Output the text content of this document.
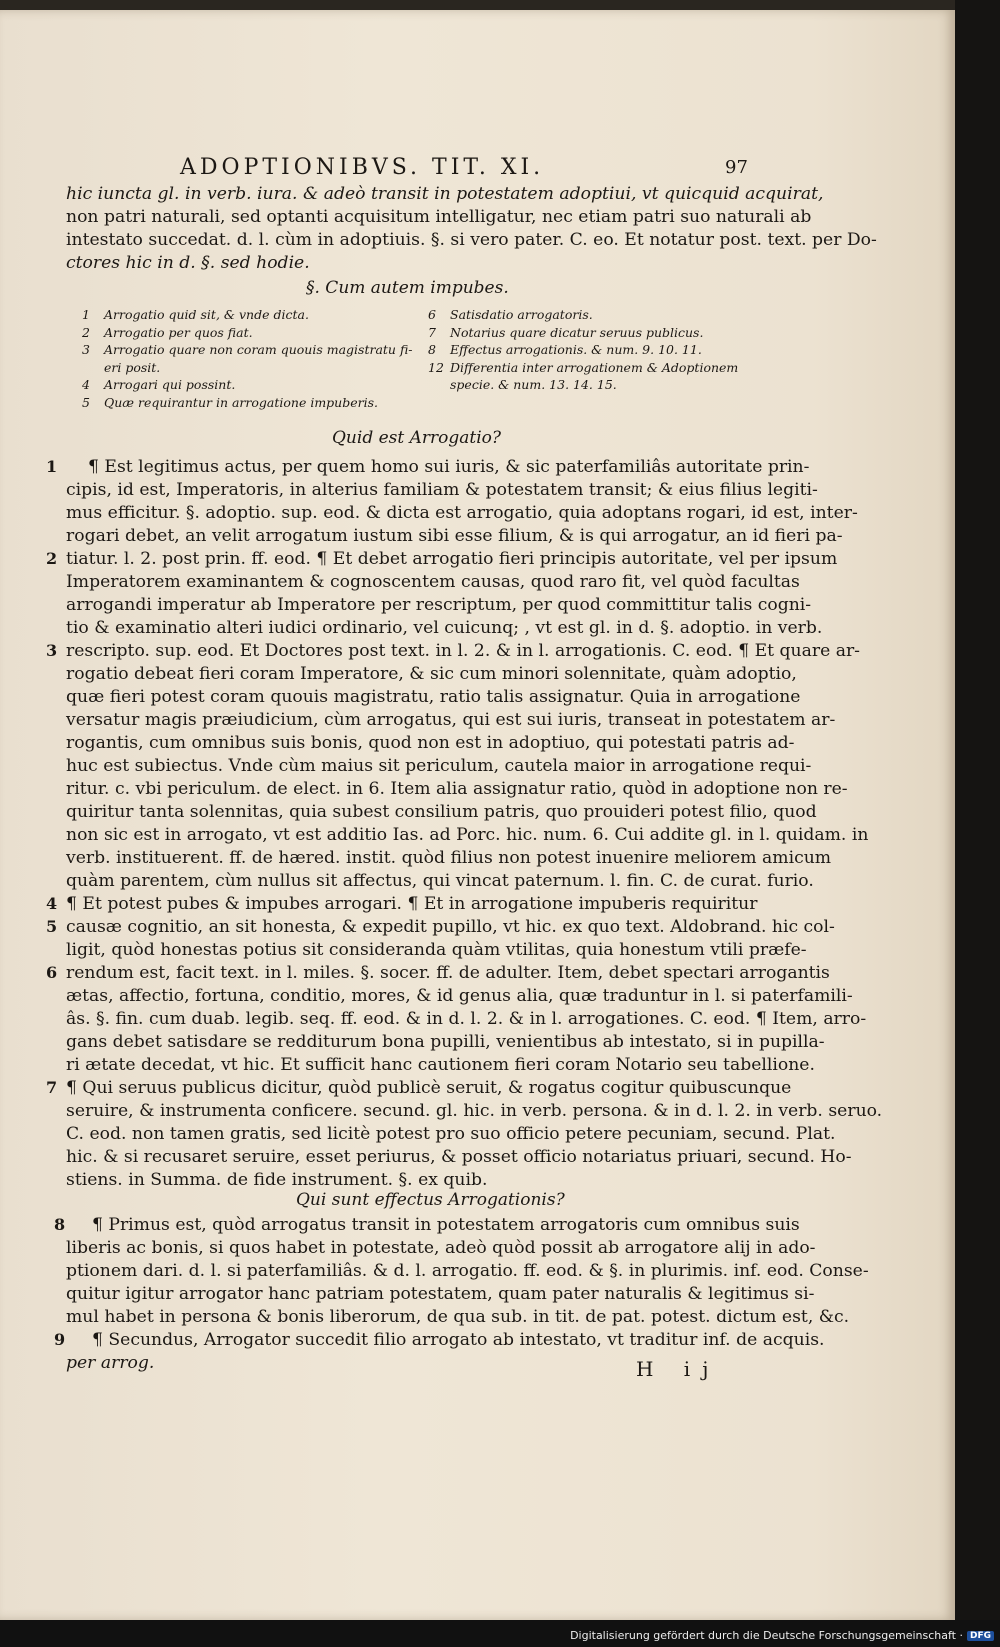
ADOPTIONIBVS. TIT. XI.	97
hic iuncta gl. in verb. iura. & adeò transit in potestatem adoptiui, vt quicquid acquirat,
non patri naturali, sed optanti acquisitum intelligatur, nec etiam patri suo naturali ab
intestato succedat. d. l. cùm in adoptiuis. §. si vero pater. C. eo. Et notatur post. text. per Do-
ctores hic in d. §. sed hodie.
§. Cum autem impubes.
1 Arrogatio quid sit, & vnde dicta.
2 Arrogatio per quos fiat.
3 Arrogatio quare non coram quouis magistratu fi-
eri posit.
4 Arrogari qui possint.
5 Quæ requirantur in arrogatione impuberis.
6 Satisdatio arrogatoris.
7 Notarius quare dicatur seruus publicus.
8 Effectus arrogationis. & num. 9. 10. 11.
12 Differentia inter arrogationem & Adoptionem
specie. & num. 13. 14. 15.
Quid est Arrogatio?
¶ Est legitimus actus, per quem homo sui iuris, & sic paterfamiliâs autoritate prin-
cipis, id est, Imperatoris, in alterius familiam & potestatem transit; & eius filius legiti-
mus efficitur. §. adoptio. sup. eod. & dicta est arrogatio, quia adoptans rogari, id est, inter-
rogari debet, an velit arrogatum iustum sibi esse filium, & is qui arrogatur, an id fieri pa-
tiatur. l. 2. post prin. ff. eod. ¶ Et debet arrogatio fieri principis autoritate, vel per ipsum
Imperatorem examinantem & cognoscentem causas, quod raro fit, vel quòd facultas
arrogandi imperatur ab Imperatore per rescriptum, per quod committitur talis cogni-
tio & examinatio alteri iudici ordinario, vel cuicunq; , vt est gl. in d. §. adoptio. in verb.
rescripto. sup. eod. Et Doctores post text. in l. 2. & in l. arrogationis. C. eod. ¶ Et quare ar-
rogatio debeat fieri coram Imperatore, & sic cum minori solennitate, quàm adoptio,
quæ fieri potest coram quouis magistratu, ratio talis assignatur. Quia in arrogatione
versatur magis præiudicium, cùm arrogatus, qui est sui iuris, transeat in potestatem ar-
rogantis, cum omnibus suis bonis, quod non est in adoptiuo, qui potestati patris ad-
huc est subiectus. Vnde cùm maius sit periculum, cautela maior in arrogatione requi-
ritur. c. vbi periculum. de elect. in 6. Item alia assignatur ratio, quòd in adoptione non re-
quiritur tanta solennitas, quia subest consilium patris, quo prouideri potest filio, quod
non sic est in arrogato, vt est additio Ias. ad Porc. hic. num. 6. Cui addite gl. in l. quidam. in
verb. instituerent. ff. de hæred. instit. quòd filius non potest inuenire meliorem amicum
quàm parentem, cùm nullus sit affectus, qui vincat paternum. l. fin. C. de curat. furio.
¶ Et potest pubes & impubes arrogari. ¶ Et in arrogatione impuberis requiritur
causæ cognitio, an sit honesta, & expedit pupillo, vt hic. ex quo text. Aldobrand. hic col-
ligit, quòd honestas potius sit consideranda quàm vtilitas, quia honestum vtili præfe-
rendum est, facit text. in l. miles. §. socer. ff. de adulter. Item, debet spectari arrogantis
ætas, affectio, fortuna, conditio, mores, & id genus alia, quæ traduntur in l. si paterfamili-
âs. §. fin. cum duab. legib. seq. ff. eod. & in d. l. 2. & in l. arrogationes. C. eod. ¶ Item, arro-
gans debet satisdare se redditurum bona pupilli, venientibus ab intestato, si in pupilla-
ri ætate decedat, vt hic. Et sufficit hanc cautionem fieri coram Notario seu tabellione.
¶ Qui seruus publicus dicitur, quòd publicè seruit, & rogatus cogitur quibuscunque
seruire, & instrumenta conficere. secund. gl. hic. in verb. persona. & in d. l. 2. in verb. seruo.
C. eod. non tamen gratis, sed licitè potest pro suo officio petere pecuniam, secund. Plat.
hic. & si recusaret seruire, esset periurus, & posset officio notariatus priuari, secund. Ho-
stiens. in Summa. de fide instrument. §. ex quib.
Qui sunt effectus Arrogationis?
¶ Primus est, quòd arrogatus transit in potestatem arrogatoris cum omnibus suis
liberis ac bonis, si quos habet in potestate, adeò quòd possit ab arrogatore alij in ado-
ptionem dari. d. l. si paterfamiliâs. & d. l. arrogatio. ff. eod. & §. in plurimis. inf. eod. Conse-
quitur igitur arrogator hanc patriam potestatem, quam pater naturalis & legitimus si-
mul habet in persona & bonis liberorum, de qua sub. in tit. de pat. potest. dictum est, &c.
¶ Secundus, Arrogator succedit filio arrogato ab intestato, vt traditur inf. de acquis.
per arrog.
1
2
3
4
5
6
7
8
9
H ij
Digitalisierung gefördert durch die Deutsche Forschungsgemeinschaft · DFG
